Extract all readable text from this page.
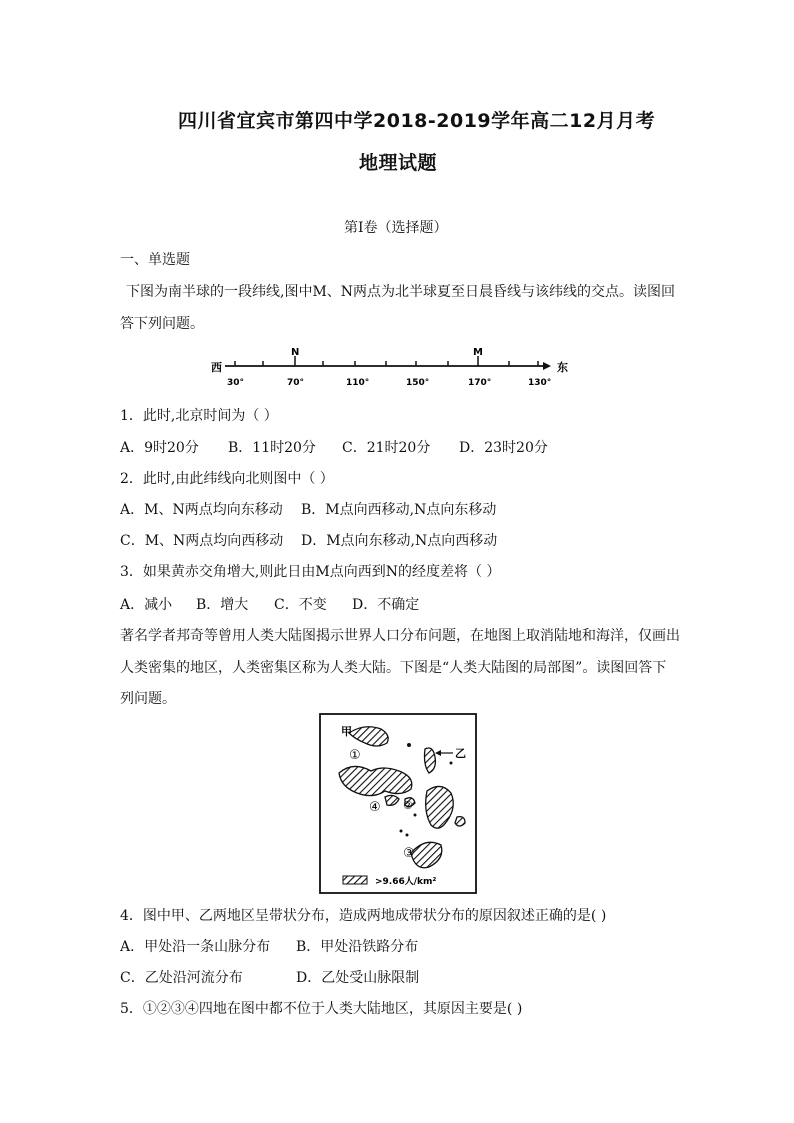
四川省宜宾市第四中学2018-2019学年高二12月月考
地理试题
第Ⅰ卷（选择题）
一、单选题
下图为南半球的一段纬线,图中M、N两点为北半球夏至日晨昏线与该纬线的交点。读图回
答下列问题。
西	东
N	M
30°	70°	110°	150°	170°	130°
1．此时,北京时间为（ ）
A．9时20分 B．11时20分 C．21时20分 D．23时20分
2．此时,由此纬线向北则图中（ ）
A．M、N两点均向东移动 B．M点向西移动,N点向东移动
C．M、N两点均向西移动 D．M点向东移动,N点向西移动
3．如果黄赤交角增大,则此日由M点向西到N的经度差将（ ）
A．减小 B．增大 C．不变 D．不确定
著名学者邦奇等曾用人类大陆图揭示世界人口分布问题，在地图上取消陆地和海洋，仅画出
人类密集的地区，人类密集区称为人类大陆。下图是“人类大陆图的局部图”。读图回答下
列问题。
甲
乙
①
②
③
④
>9.66人/km²
4．图中甲、乙两地区呈带状分布，造成两地成带状分布的原因叙述正确的是( )
A．甲处沿一条山脉分布 B．甲处沿铁路分布
C．乙处沿河流分布	D．乙处受山脉限制
5．①②③④四地在图中都不位于人类大陆地区，其原因主要是( )
